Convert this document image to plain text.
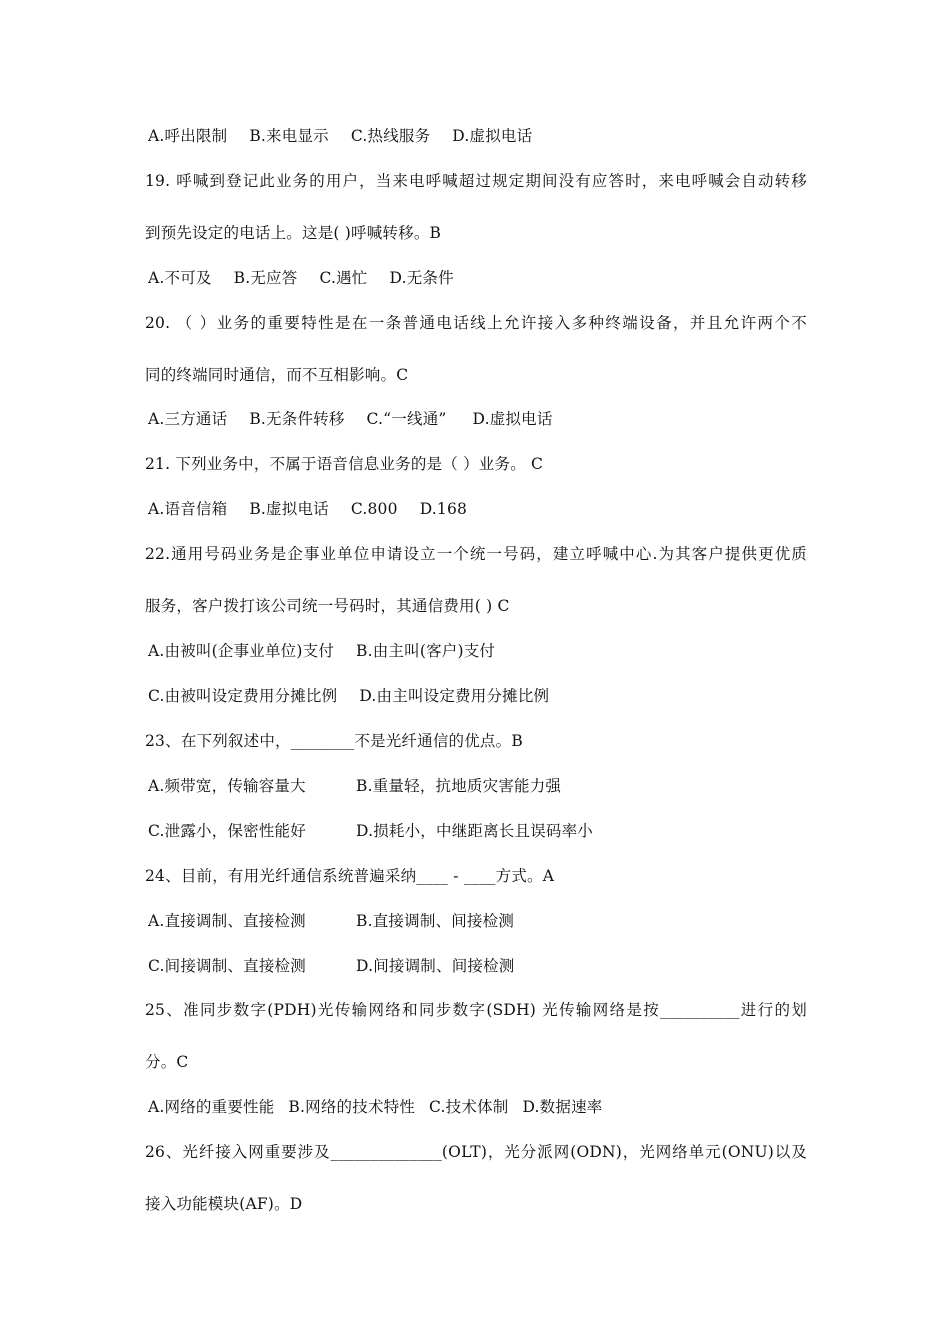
A.呼出限制 B.来电显示 C.热线服务 D.虚拟电话
19. 呼喊到登记此业务的用户，当来电呼喊超过规定期间没有应答时，来电呼喊会自动转移
到预先设定的电话上。这是( )呼喊转移。B
A.不可及 B.无应答 C.遇忙 D.无条件
20. （ ）业务的重要特性是在一条普通电话线上允许接入多种终端设备，并且允许两个不
同的终端同时通信，而不互相影响。C
A.三方通话 B.无条件转移 C.“一线通” D.虚拟电话
21. 下列业务中，不属于语音信息业务的是（ ）业务。 C
A.语音信箱 B.虚拟电话 C.800 D.168
22.通用号码业务是企事业单位申请设立一个统一号码，建立呼喊中心.为其客户提供更优质
服务，客户拨打该公司统一号码时，其通信费用( ) C
A.由被叫(企事业单位)支付 B.由主叫(客户)支付
C.由被叫设定费用分摊比例 D.由主叫设定费用分摊比例
23、在下列叙述中，________不是光纤通信的优点。B
A.频带宽，传输容量大	B.重量轻，抗地质灾害能力强
C.泄露小，保密性能好	D.损耗小，中继距离长且误码率小
24、目前，有用光纤通信系统普遍采纳____ - ____方式。A
A.直接调制、直接检测	B.直接调制、间接检测
C.间接调制、直接检测	D.间接调制、间接检测
25、准同步数字(PDH)光传输网络和同步数字(SDH) 光传输网络是按__________进行的划
分。C
A.网络的重要性能 B.网络的技术特性 C.技术体制 D.数据速率
26、光纤接入网重要涉及______________(OLT)，光分派网(ODN)，光网络单元(ONU)以及
接入功能模块(AF)。D
